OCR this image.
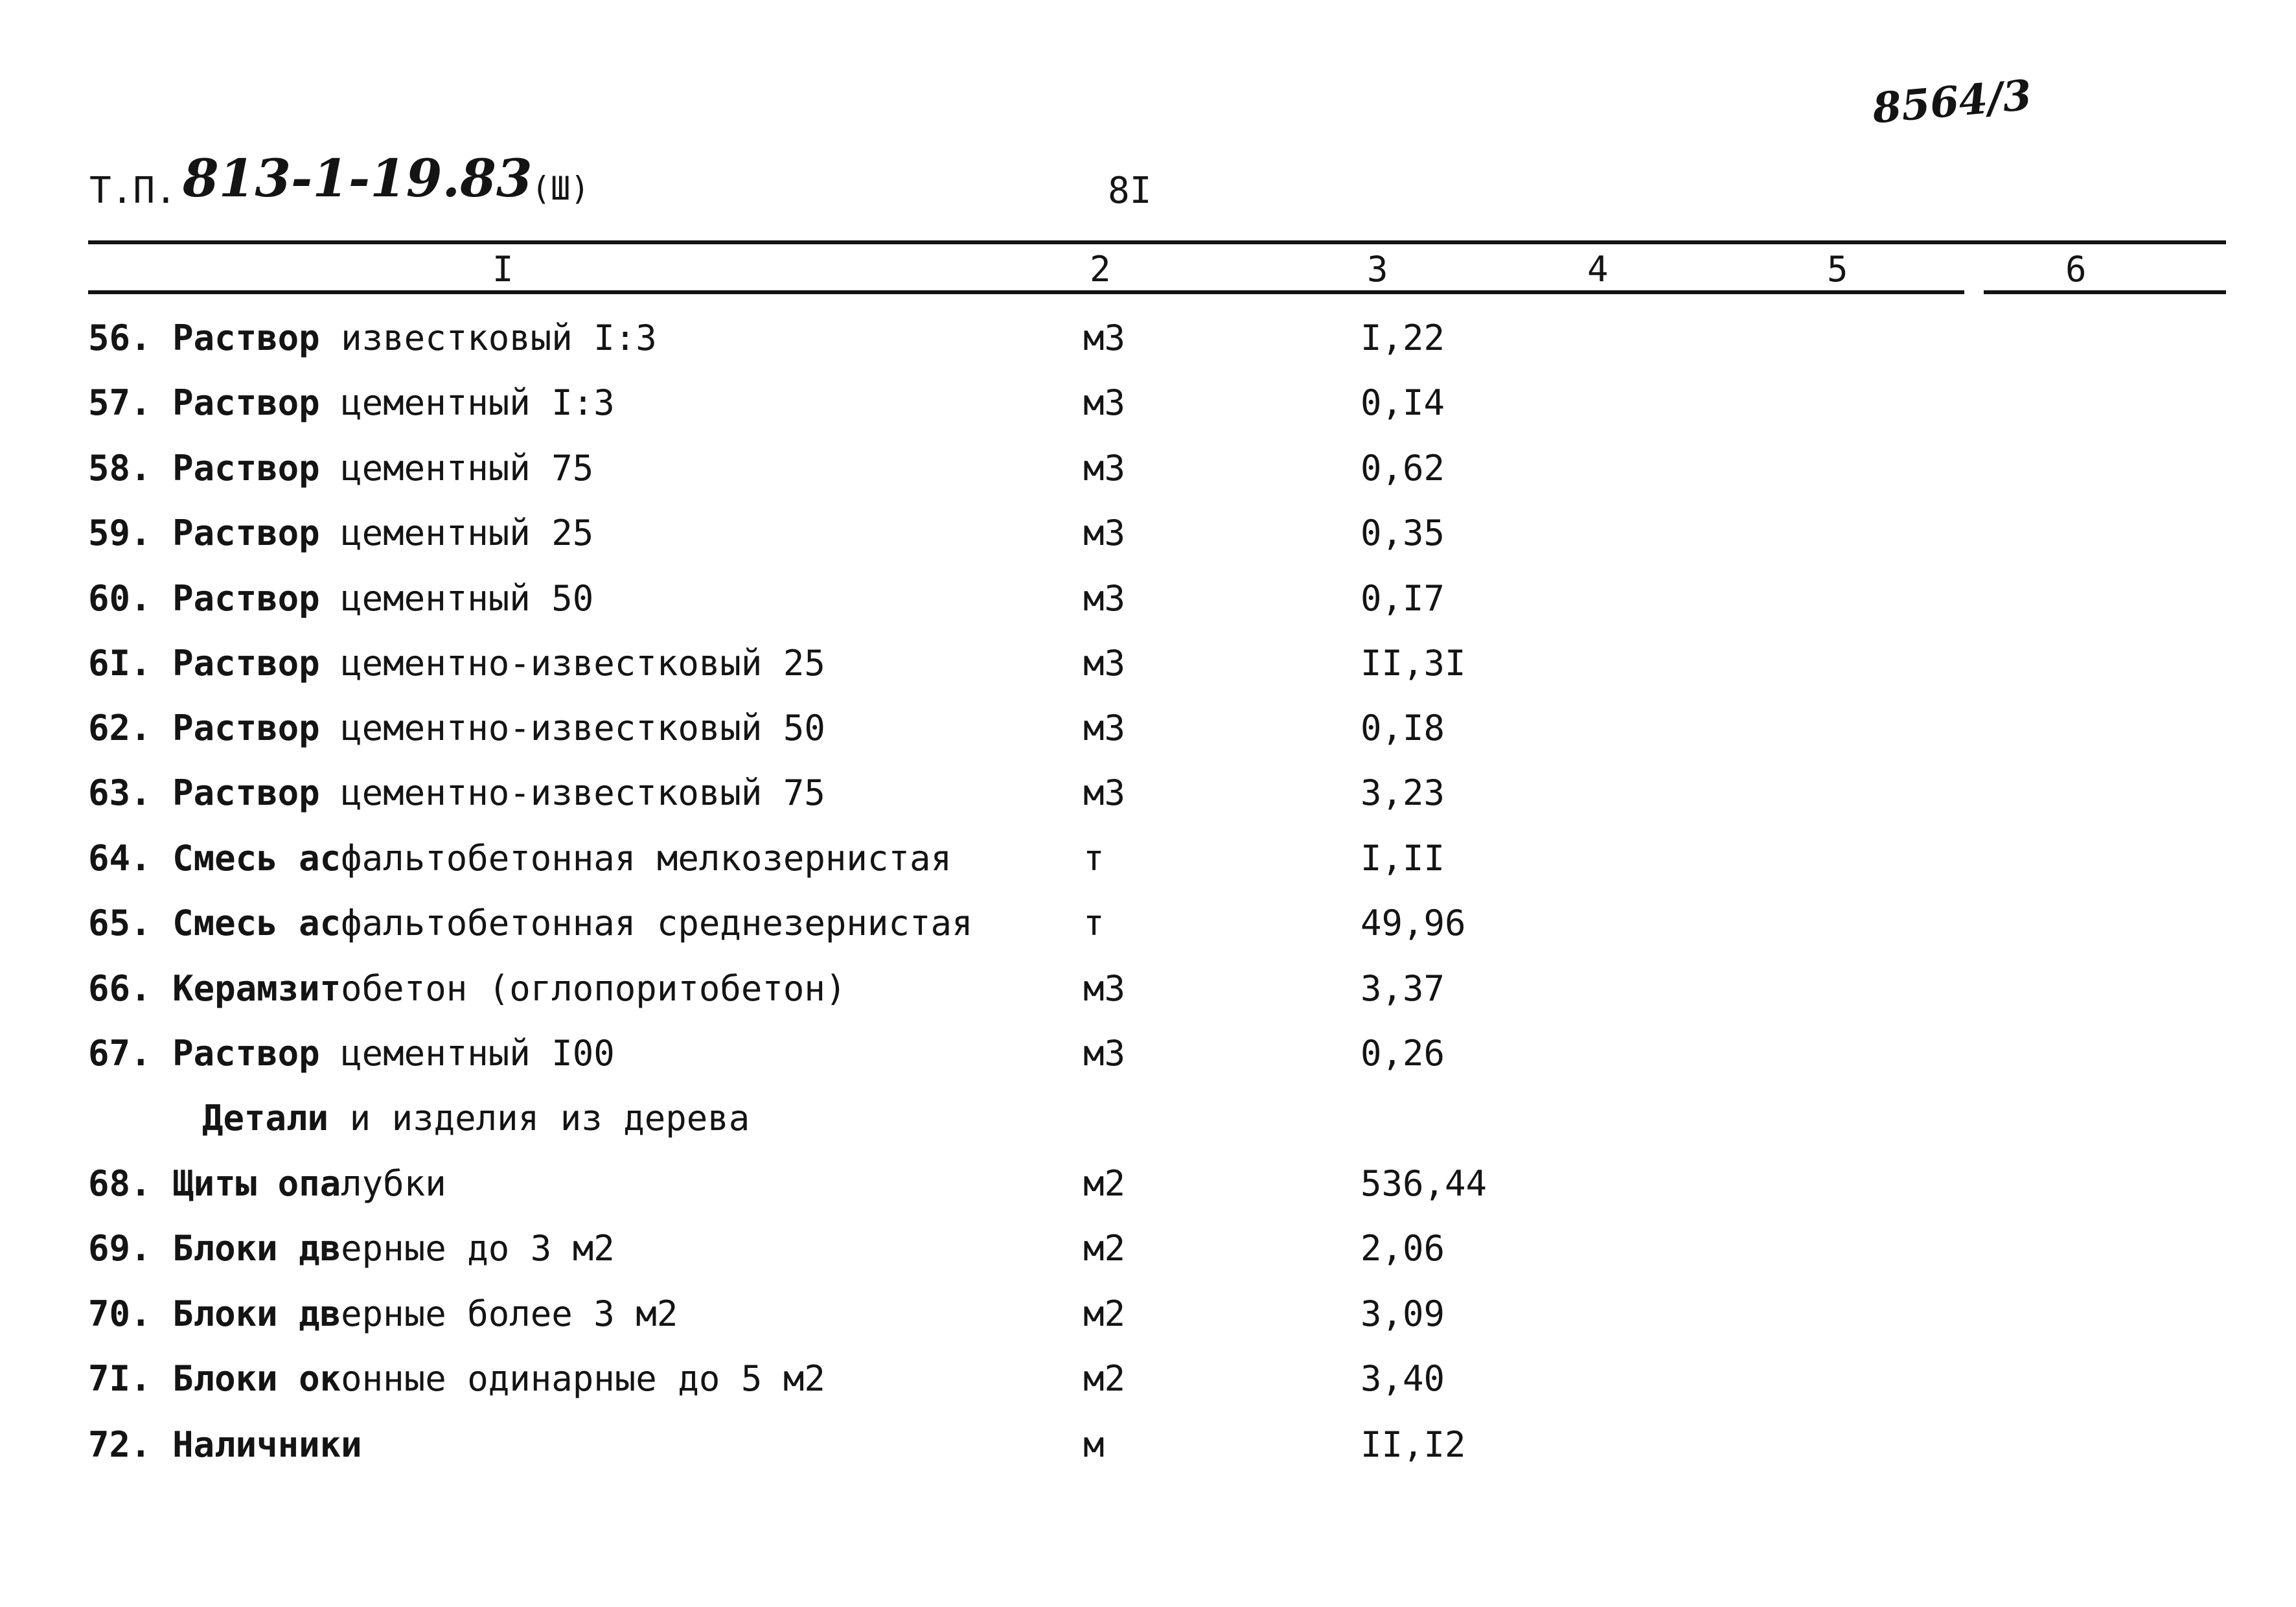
8564/3
Т.П. 813-1-19.83
(Ш)	8I
I	2	3	4	5	6
56. Раствор известковый I:3	м3	I,22
57. Раствор цементный I:3	м3	0,I4
58. Раствор цементный 75	м3	0,62
59. Раствор цементный 25	м3	0,35
60. Раствор цементный 50	м3	0,I7
6I. Раствор цементно-известковый 25	м3	II,3I
62. Раствор цементно-известковый 50	м3	0,I8
63. Раствор цементно-известковый 75	м3	3,23
64. Смесь асфальтобетонная мелкозернистая	т	I,II
65. Смесь асфальтобетонная среднезернистая	т	49,96
66. Керамзитобетон (оглопоритобетон)	м3	3,37
67. Раствор цементный I00	м3	0,26
Детали и изделия из дерева
68. Щиты опалубки	м2	536,44
69. Блоки дверные до 3 м2	м2	2,06
70. Блоки дверные более 3 м2	м2	3,09
7I. Блоки оконные одинарные до 5 м2	м2	3,40
72. Наличники	м	II,I2
